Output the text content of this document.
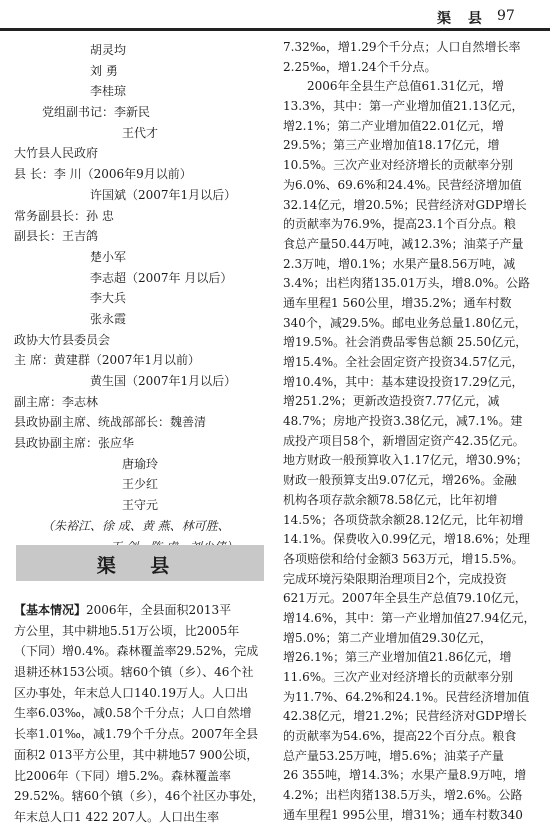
渠 县 97
胡灵均
刘 勇
李桂琼
党组副书记：李新民
王代才
大竹县人民政府
县 长：李 川（2006年9月以前）
许国斌（2007年1月以后）
常务副县长：孙 忠
副县长：王吉鸽
楚小军
李志超（2007年 月以后）
李大兵
张永霞
政协大竹县委员会
主 席：黄建群（2007年1月以前）
黄生国（2007年1月以后）
副主席：李志林
县政协副主席、统战部部长：魏善清
县政协副主席：张应华
唐瑜玲
王少红
王守元
（朱裕江、徐 成、黄 燕、林可胜、
渠 县
【基本情况】2006年，全县面积2013平
方公里，其中耕地5.51万公顷，比2005年
（下同）增0.4%。森林覆盖率29.52%，完成
退耕还林153公顷。辖60个镇（乡）、46个社
区办事处，年末总人口140.19万人。人口出
生率6.03‰，减0.58个千分点；人口自然增
长率1.01‰，减1.79个千分点。2007年全县
面积2 013平方公里，其中耕地57 900公顷，
比2006年（下同）增5.2%。森林覆盖率
29.52%。辖60个镇（乡），46个社区办事处，
年末总人口1 422 207人。人口出生率
7.32‰，增1.29个千分点；人口自然增长率
2.25‰，增1.24个千分点。
2006年全县生产总值61.31亿元，增
13.3%，其中：第一产业增加值21.13亿元，
增2.1%；第二产业增加值22.01亿元，增
29.5%；第三产业增加值18.17亿元，增
10.5%。三次产业对经济增长的贡献率分别
为6.0%、69.6%和24.4%。民营经济增加值
32.14亿元，增20.5%；民营经济对GDP增长
的贡献率为76.9%，提高23.1个百分点。粮
食总产量50.44万吨，减12.3%；油菜子产量
2.3万吨，增0.1%；水果产量8.56万吨，减
3.4%；出栏肉猪135.01万头，增8.0%。公路
通车里程1 560公里，增35.2%；通车村数
340个，减29.5%。邮电业务总量1.80亿元，
增19.5%。社会消费品零售总额 25.50亿元，
增15.4%。全社会固定资产投资34.57亿元，
增10.4%，其中：基本建设投资17.29亿元，
增251.2%；更新改造投资7.77亿元，减
48.7%；房地产投资3.38亿元，减7.1%。建
成投产项目58个，新增固定资产42.35亿元。
地方财政一般预算收入1.17亿元，增30.9%；
财政一般预算支出9.07亿元，增26%。金融
机构各项存款余额78.58亿元，比年初增
14.5%；各项贷款余额28.12亿元，比年初增
14.1%。保费收入0.99亿元，增18.6%；处理
各项赔偿和给付金额3 563万元，增15.5%。
完成环境污染限期治理项目2个，完成投资
621万元。2007年全县生产总值79.10亿元，
增14.6%，其中：第一产业增加值27.94亿元，
增5.0%；第二产业增加值29.30亿元，
增26.1%；第三产业增加值21.86亿元，增
11.6%。三次产业对经济增长的贡献率分别
为11.7%、64.2%和24.1%。民营经济增加值
42.38亿元，增21.2%；民营经济对GDP增长
的贡献率为54.6%，提高22个百分点。粮食
总产量53.25万吨，增5.6%；油菜子产量
26 355吨，增14.3%；水果产量8.9万吨，增
4.2%；出栏肉猪138.5万头，增2.6%。公路
通车里程1 995公里，增31%；通车村数340
